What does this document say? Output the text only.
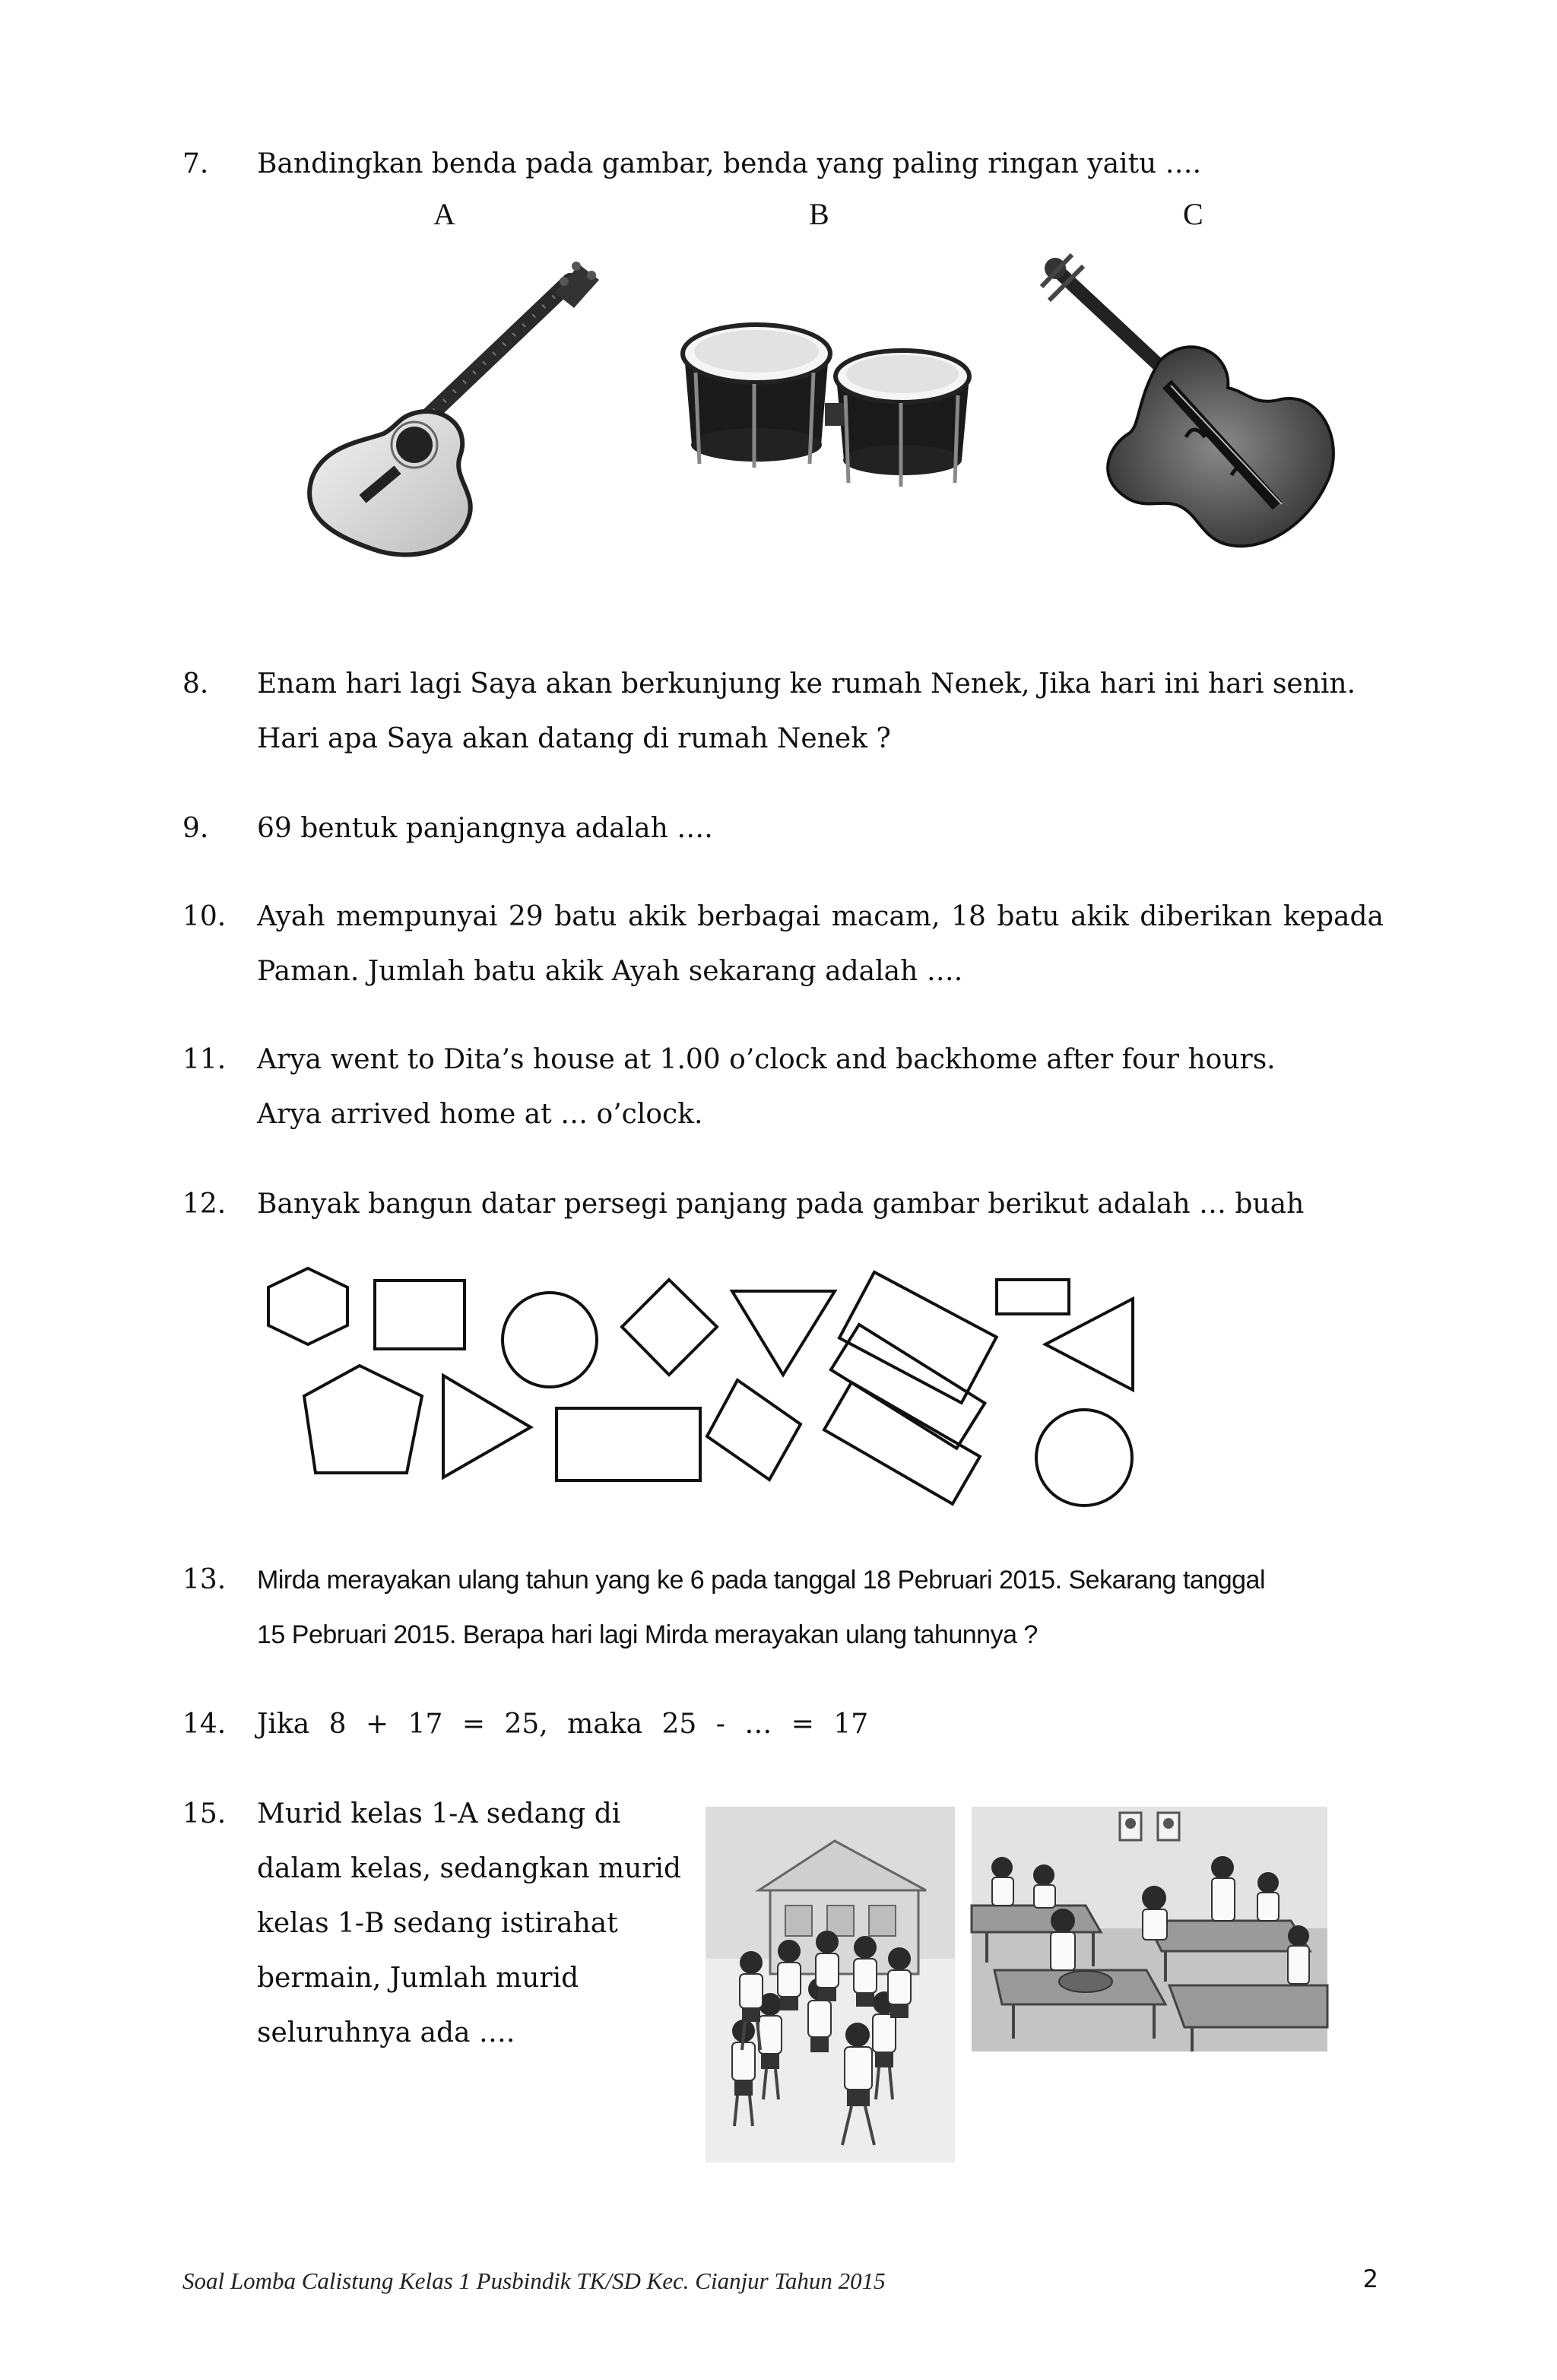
7.	Bandingkan benda pada gambar, benda yang paling ringan yaitu ….
A	B	C
8.	Enam hari lagi Saya akan berkunjung ke rumah Nenek, Jika hari ini hari senin.
Hari apa Saya akan datang di rumah Nenek ?
9.	69 bentuk panjangnya adalah ….
10.	Ayah mempunyai 29 batu akik berbagai macam, 18 batu akik diberikan kepada
Paman. Jumlah batu akik Ayah sekarang adalah ….
11.	Arya went to Dita’s house at 1.00 o’clock and backhome after four hours.
Arya arrived home at … o’clock.
12.	Banyak bangun datar persegi panjang pada gambar berikut adalah … buah
13.	Mirda merayakan ulang tahun yang ke 6 pada tanggal 18 Pebruari 2015. Sekarang tanggal
15 Pebruari 2015. Berapa hari lagi Mirda merayakan ulang tahunnya ?
14.	Jika 8 + 17 = 25, maka 25 - … = 17
15.	Murid kelas 1-A sedang di
dalam kelas, sedangkan murid
kelas 1-B sedang istirahat
bermain, Jumlah murid
seluruhnya ada ….
Soal Lomba Calistung Kelas 1 Pusbindik TK/SD Kec. Cianjur Tahun 2015	2
